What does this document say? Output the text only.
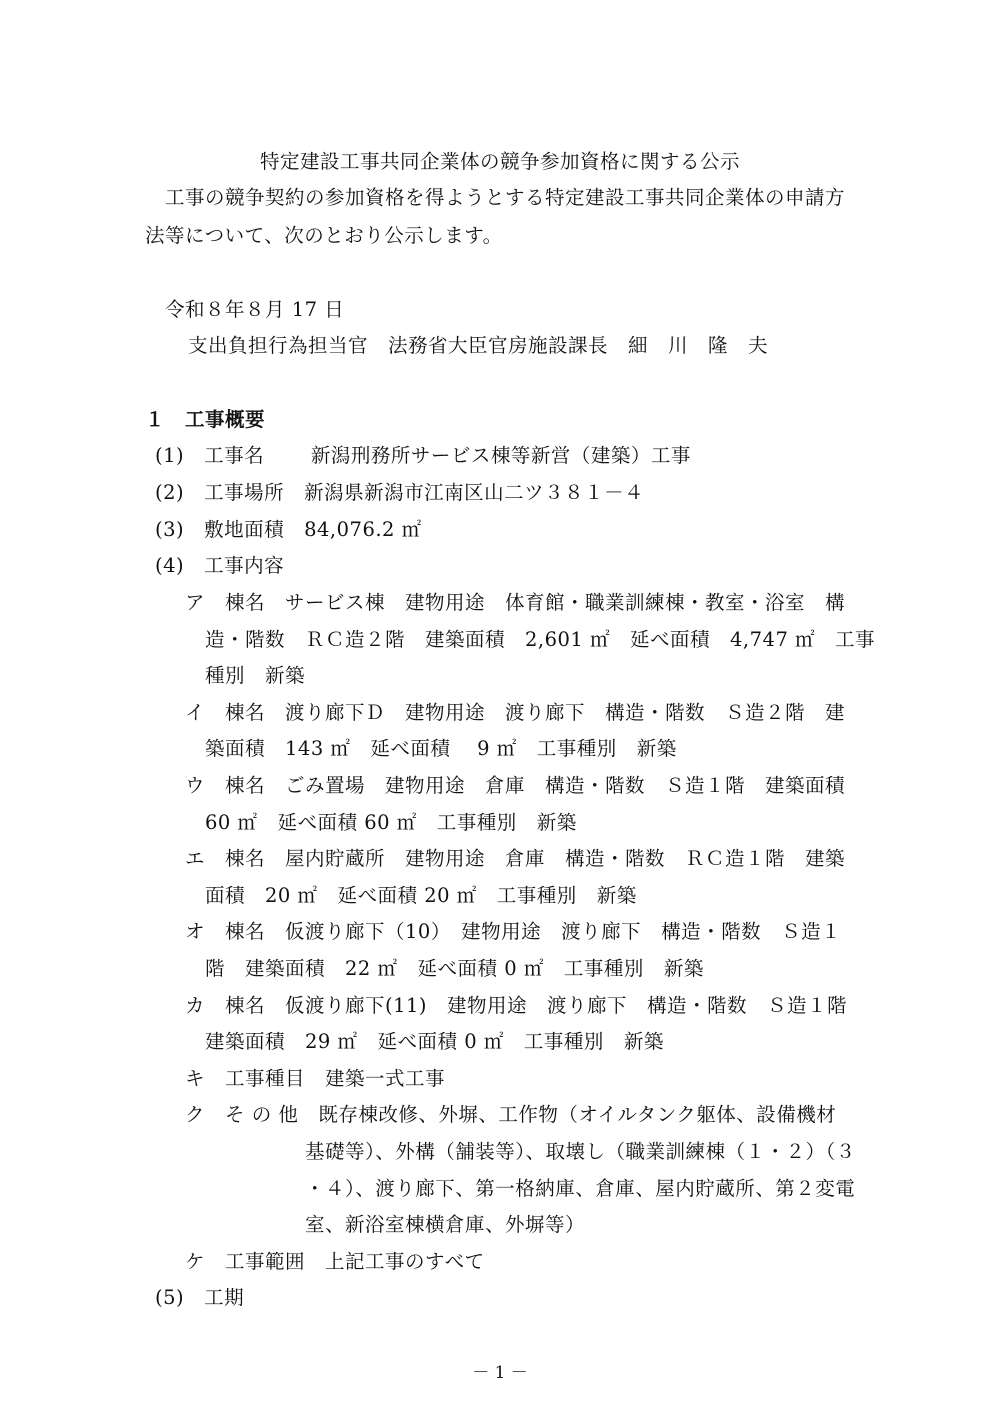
特定建設工事共同企業体の競争参加資格に関する公示
　工事の競争契約の参加資格を得ようとする特定建設工事共同企業体の申請方
法等について、次のとおり公示します。
令和８年８月 17 日
支出負担行為担当官　法務省大臣官房施設課長　細　川　隆　夫
１　工事概要
(1)　工事名　　 新潟刑務所サービス棟等新営（建築）工事
(2)　工事場所　新潟県新潟市江南区山二ツ３８１－４
(3)　敷地面積　84,076.2 ㎡
(4)　工事内容
ア　棟名　サービス棟　建物用途　体育館・職業訓練棟・教室・浴室　構
造・階数　ＲＣ造２階　建築面積　2,601 ㎡　延べ面積　4,747 ㎡　工事
種別　新築
イ　棟名　渡り廊下Ｄ　建物用途　渡り廊下　構造・階数　Ｓ造２階　建
築面積　143 ㎡　延べ面積　 9 ㎡　工事種別　新築
ウ　棟名　ごみ置場　建物用途　倉庫　構造・階数　Ｓ造１階　建築面積
60 ㎡　延べ面積 60 ㎡　工事種別　新築
エ　棟名　屋内貯蔵所　建物用途　倉庫　構造・階数　ＲＣ造１階　建築
面積　20 ㎡　延べ面積 20 ㎡　工事種別　新築
オ　棟名　仮渡り廊下（10）　建物用途　渡り廊下　構造・階数　Ｓ造１
階　建築面積　22 ㎡　延べ面積 0 ㎡　工事種別　新築
カ　棟名　仮渡り廊下(11)　建物用途　渡り廊下　構造・階数　Ｓ造１階
建築面積　29 ㎡　延べ面積 0 ㎡　工事種別　新築
キ　工事種目　建築一式工事
ク　そ の 他　既存棟改修、外塀、工作物（オイルタンク躯体、設備機材
基礎等）、外構（舗装等）、取壊し（職業訓練棟（１・２）（３
・４）、渡り廊下、第一格納庫、倉庫、屋内貯蔵所、第２変電
室、新浴室棟横倉庫、外塀等）
ケ　工事範囲　上記工事のすべて
(5)　工期
－ 1 －
